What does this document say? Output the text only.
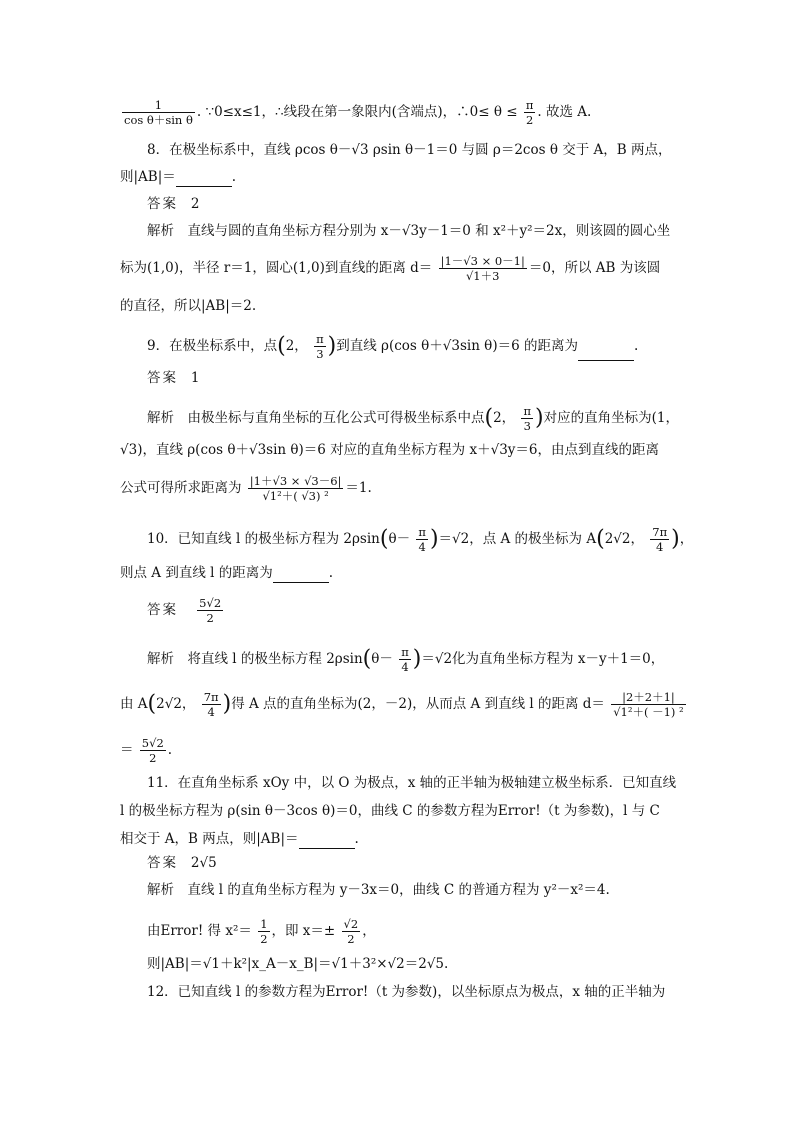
$\frac{1}{\text{cos θ＋sin θ}}$ . ∵0≤x≤1，∴线段在第一象限内(含端点)，∴0≤ $\theta \le \frac{\pi}{2}$ . 故选 A.
8．在极坐标系中，直线 ρcos θ－√3 ρsin θ－1＝0 与圆 ρ＝2cos θ 交于 A，B 两点，
则|AB|＝	.
答案 2
解析　直线与圆的直角坐标方程分别为 x－√3y－1＝0 和 x²＋y²＝2x，则该圆的圆心坐
标为(1,0)，半径 r＝1，圆心(1,0)到直线的距离 $d= \frac{|1-√3 \times 0-1|}{√1+3} =0$，所以 AB 为该圆
的直径，所以|AB|＝2.
9．在极坐标系中，点(2， $\frac{\pi}{3}$ )到直线 ρ(cos θ＋√3sin θ)＝6 的距离为	.
答案 1
解析　由极坐标与直角坐标的互化公式可得极坐标系中点(2， $\frac{\pi}{3}$ )对应的直角坐标为(1，
√3)，直线 ρ(cos θ＋√3sin θ)＝6 对应的直角坐标方程为 x＋√3y＝6，由点到直线的距离
公式可得所求距离为 $\frac{|1+√3 \times √3-6|}{\text{√1²＋( √3) ²}} =1$.
10．已知直线 l 的极坐标方程为 $2\rho\sin(\theta- \frac{\pi}{4} )=√2$，点 A 的极坐标为 A(2√2， $\frac{7\pi}{4}$ )，
则点 A 到直线 l 的距离为	.
答案 $\frac{5√2}{2}$
解析　将直线 l 的极坐标方程 $2\rho\sin(\theta- \frac{\pi}{4} )=√2$化为直角坐标方程为 x－y＋1＝0，
由 A(2√2， $\frac{7\pi}{4}$ )得 A 点的直角坐标为(2，－2)，从而点 A 到直线 l 的距离 $d= \frac{|2+2+1|}{\text{√1²＋( －1) ²}}$
＝ $\frac{5√2}{2}$ .
11．在直角坐标系 xOy 中，以 O 为极点，x 轴的正半轴为极轴建立极坐标系．已知直线
l 的极坐标方程为 ρ(sin θ－3cos θ)＝0，曲线 C 的参数方程为Error!（t 为参数)，l 与 C
相交于 A，B 两点，则|AB|＝	.
答案 2√5
解析　直线 l 的直角坐标方程为 y－3x＝0，曲线 C 的普通方程为 y²－x²＝4.
由Error! 得 $x^2= \frac{1}{2}$ ，即 $x=\pm \frac{√2}{2}$ ，
则|AB|＝√1＋k²|x_A－x_B|＝√1＋3²×√2＝2√5.
12．已知直线 l 的参数方程为Error!（t 为参数)，以坐标原点为极点，x 轴的正半轴为
